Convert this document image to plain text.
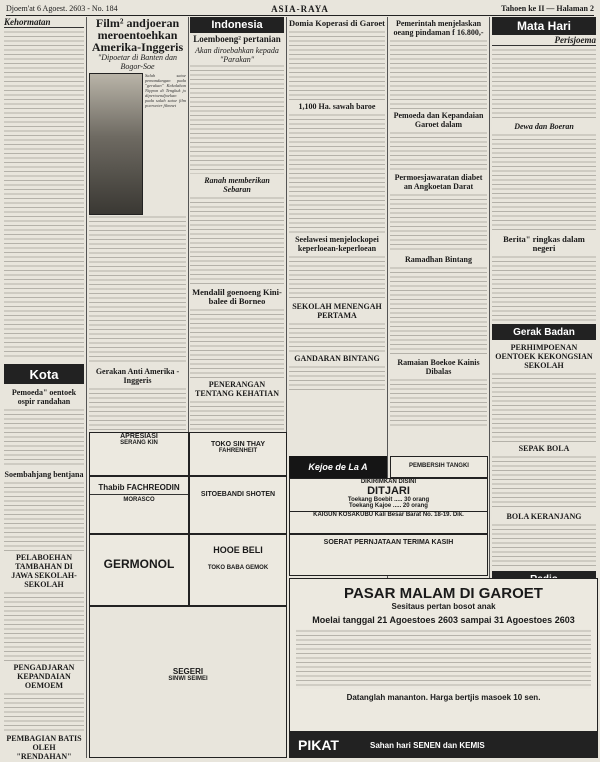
Djoem'at 6 Agoest. 2603 - No. 184	ASIA-RAYA	Tahoen ke II — Halaman 2
Kehormatan
Kota
Pemoeda" oentoek ospir randahan
Soembahjang bentjana
PELABOEHAN TAMBAHAN DI JAWA SEKOLAH-SEKOLAH
PENGADJARAN KEPANDAIAN OEMOEM
PEMBAGIAN BATIS OLEH "RENDAHAN"
Film² andjoeran meroentoehkan Amerika-Inggeris
"Dipoetar di Banten dan Bogor-Soe
Salah satoe pemandangan pada "gerakan" Kekalahan Nippon di Tengkuk jo dipertoendjoekan pada salah satoe film poeroeter filmnet
Gerakan Anti Amerika - Inggeris
Indonesia
Loemboeng² pertanian
Akan diroebahkan kepada "Parakan"
Ranah memberikan Sebaran
Mendalil goenoeng Kini-balee di Borneo
PENERANGAN TENTANG KEHATIAN
Domia Koperasi di Garoet
1,100 Ha. sawah baroe
Seelawesi menjelockopei keperloean-keperloean
SEKOLAH MENENGAH PERTAMA
GANDARAN BINTANG
Pemerintah menjelaskan oeang pindaman f 16.800,-
Pemoeda dan Kepandaian Garoet dalam
Permoesjawaratan diabet an Angkoetan Darat
Ramadhan Bintang
Ramaian Boekoe Kainis Dibalas
Mata Hari
Perisjoema
Dewa dan Boeran
Berita" ringkas dalam negeri
Gerak Badan
PERHIMPOENAN OENTOEK KEKONGSIAN SEKOLAH
SEPAK BOLA
BOLA KERANJANG
APRESIASI
SERANG KIN	TOKO SIN THAY
FAHRENHEIT
Thabib FACHREODIN
MORASCO
SITOEBANDI SHOTEN
GERMONOL
HOOE BELI
TOKO BABA GEMOK
SEGERI
SINWI SEIMEI
Kejoe de La A	PEMBERSIH TANGKI
DIKIRIMKAN DISINI
DITJARI
Toekang Boebit ..... 30 orang
Toekang Kajoe ..... 20 orang
KAIGUN KOSAKUBU Kali Besar Barat No. 18-19. Dik.
SOERAT PERNJATAAN TERIMA KASIH
PASAR MALAM DI GAROET
Sesitaus pertan bosot anak
Moelai tanggal 21 Agoestoes 2603 sampai 31 Agoestoes 2603
Datanglah mananton. Harga bertjis masoek 10 sen.
PIKAT	Sahan hari SENEN dan KEMIS
